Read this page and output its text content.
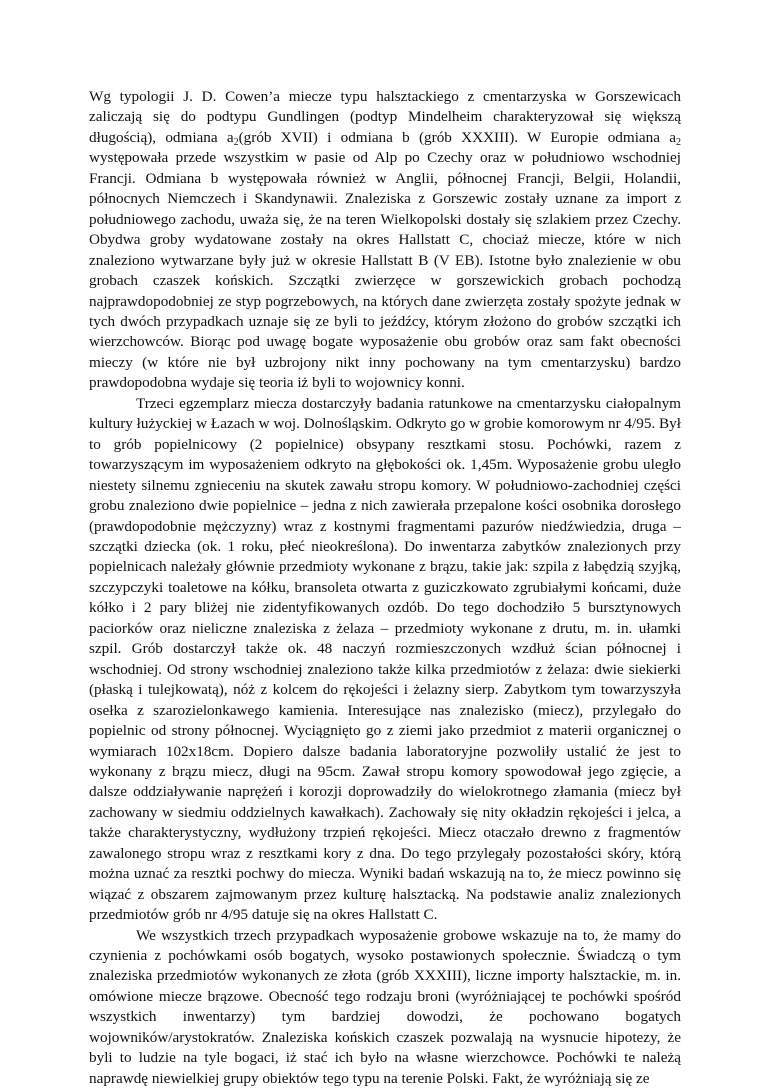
Wg typologii J. D. Cowen’a miecze typu halsztackiego z cmentarzyska w Gorszewicach zaliczają się do podtypu Gundlingen (podtyp Mindelheim charakteryzował się większą długością), odmiana $a_2(grób$ XVII) i odmiana b (grób XXXIII). W Europie odmiana $a_2$ występowała przede wszystkim w pasie od Alp po Czechy oraz w południowo wschodniej Francji. Odmiana b występowała również w Anglii, północnej Francji, Belgii, Holandii, północnych Niemczech i Skandynawii. Znaleziska z Gorszewic zostały uznane za import z południowego zachodu, uważa się, że na teren Wielkopolski dostały się szlakiem przez Czechy. Obydwa groby wydatowane zostały na okres Hallstatt C, chociaż miecze, które w nich znaleziono wytwarzane były już w okresie Hallstatt B (V EB). Istotne było znalezienie w obu grobach czaszek końskich. Szczątki zwierzęce w gorszewickich grobach pochodzą najprawdopodobniej ze styp pogrzebowych, na których dane zwierzęta zostały spożyte jednak w tych dwóch przypadkach uznaje się ze byli to jeźdźcy, którym złożono do grobów szczątki ich wierzchowców. Biorąc pod uwagę bogate wyposażenie obu grobów oraz sam fakt obecności mieczy (w które nie był uzbrojony nikt inny pochowany na tym cmentarzysku) bardzo prawdopodobna wydaje się teoria iż byli to wojownicy konni.

Trzeci egzemplarz miecza dostarczyły badania ratunkowe na cmentarzysku ciałopalnym kultury łużyckiej w Łazach w woj. Dolnośląskim. Odkryto go w grobie komorowym nr 4/95. Był to grób popielnicowy (2 popielnice) obsypany resztkami stosu. Pochówki, razem z towarzyszącym im wyposażeniem odkryto na głębokości ok. 1,45m. Wyposażenie grobu uległo niestety silnemu zgnieceniu na skutek zawału stropu komory. W południowo-zachodniej części grobu znaleziono dwie popielnice – jedna z nich zawierała przepalone kości osobnika dorosłego (prawdopodobnie mężczyzny) wraz z kostnymi fragmentami pazurów niedźwiedzia, druga – szczątki dziecka (ok. 1 roku, płeć nieokreślona). Do inwentarza zabytków znalezionych przy popielnicach należały głównie przedmioty wykonane z brązu, takie jak: szpila z łabędzią szyjką, szczypczyki toaletowe na kółku, bransoleta otwarta z guziczkowato zgrubiałymi końcami, duże kółko i 2 pary bliżej nie zidentyfikowanych ozdób. Do tego dochodziło 5 bursztynowych paciorków oraz nieliczne znaleziska z żelaza – przedmioty wykonane z drutu, m. in. ułamki szpil. Grób dostarczył także ok. 48 naczyń rozmieszczonych wzdłuż ścian północnej i wschodniej. Od strony wschodniej znaleziono także kilka przedmiotów z żelaza: dwie siekierki (płaską i tulejkowatą), nóż z kolcem do rękojeści i żelazny sierp. Zabytkom tym towarzyszyła osełka z szarozielonkawego kamienia. Interesujące nas znalezisko (miecz), przylegało do popielnic od strony północnej. Wyciągnięto go z ziemi jako przedmiot z materii organicznej o wymiarach 102x18cm. Dopiero dalsze badania laboratoryjne pozwoliły ustalić że jest to wykonany z brązu miecz, długi na 95cm. Zawał stropu komory spowodował jego zgięcie, a dalsze oddziaływanie naprężeń i korozji doprowadziły do wielokrotnego złamania (miecz był zachowany w siedmiu oddzielnych kawałkach). Zachowały się nity okładzin rękojeści i jelca, a także charakterystyczny, wydłużony trzpień rękojeści. Miecz otaczało drewno z fragmentów zawalonego stropu wraz z resztkami kory z dna. Do tego przylegały pozostałości skóry, którą można uznać za resztki pochwy do miecza. Wyniki badań wskazują na to, że miecz powinno się wiązać z obszarem zajmowanym przez kulturę halsztacką. Na podstawie analiz znalezionych przedmiotów grób nr 4/95 datuje się na okres Hallstatt C.

We wszystkich trzech przypadkach wyposażenie grobowe wskazuje na to, że mamy do czynienia z pochówkami osób bogatych, wysoko postawionych społecznie. Świadczą o tym znaleziska przedmiotów wykonanych ze złota (grób XXXIII), liczne importy halsztackie, m. in. omówione miecze brązowe. Obecność tego rodzaju broni (wyróżniającej te pochówki spośród wszystkich inwentarzy) tym bardziej dowodzi, że pochowano bogatych wojowników/arystokratów. Znaleziska końskich czaszek pozwalają na wysnucie hipotezy, że byli to ludzie na tyle bogaci, iż stać ich było na własne wierzchowce. Pochówki te należą naprawdę niewielkiej grupy obiektów tego typu na terenie Polski. Fakt, że wyróżniają się ze
